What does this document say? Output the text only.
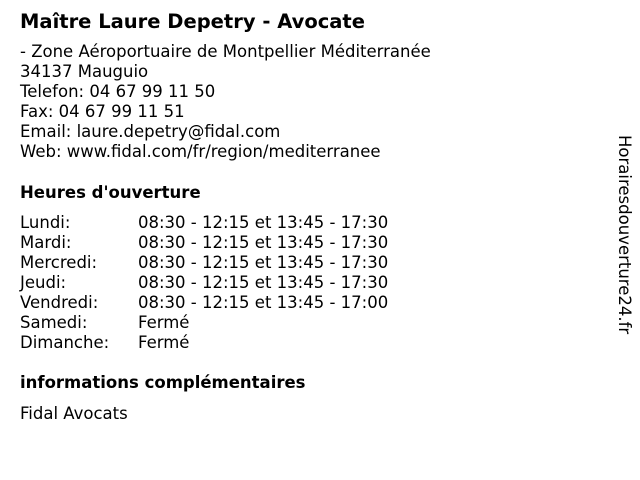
Maître Laure Depetry - Avocate
- Zone Aéroportuaire de Montpellier Méditerranée
34137 Mauguio
Telefon: 04 67 99 11 50
Fax: 04 67 99 11 51
Email: laure.depetry@fidal.com
Web: www.fidal.com/fr/region/mediterranee
Heures d'ouverture
Lundi:	08:30 - 12:15 et 13:45 - 17:30
Mardi:	08:30 - 12:15 et 13:45 - 17:30
Mercredi: 08:30 - 12:15 et 13:45 - 17:30
Jeudi:	08:30 - 12:15 et 13:45 - 17:30
Vendredi: 08:30 - 12:15 et 13:45 - 17:00
Samedi:	Fermé
Dimanche: Fermé
informations complémentaires
Fidal Avocats
Horairesdouverture24.fr
